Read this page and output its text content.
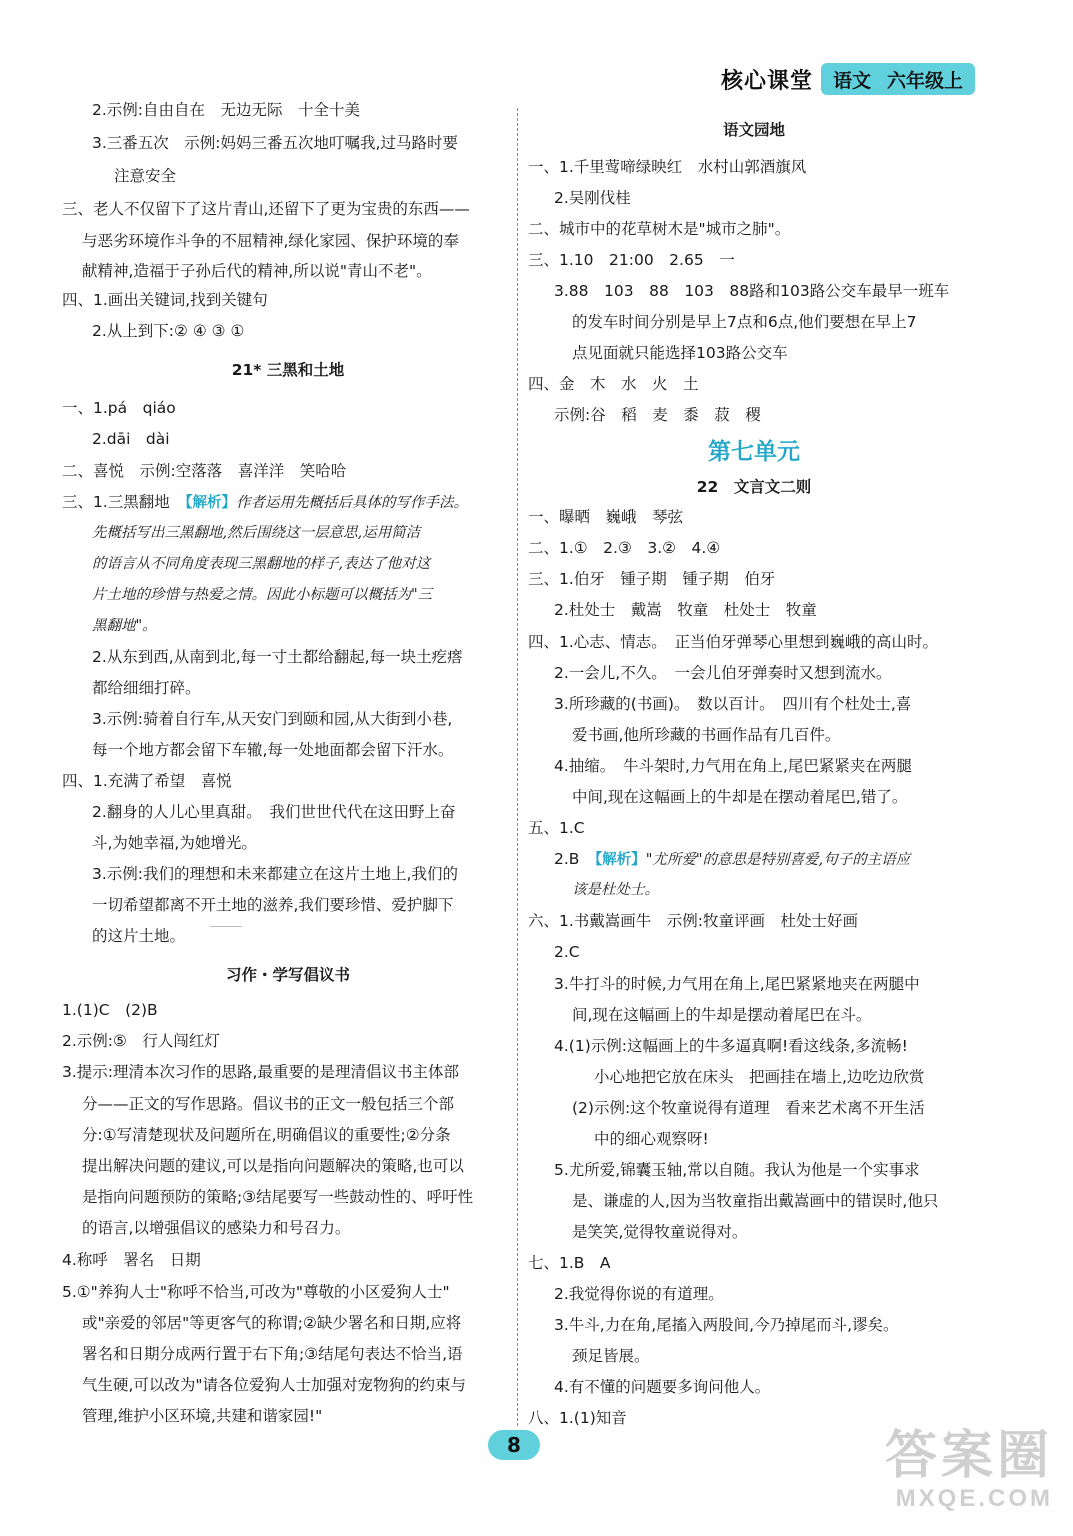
核心课堂 语文 六年级上
2.示例:自由自在　无边无际　十全十美
3.三番五次　示例:妈妈三番五次地叮嘱我,过马路时要
注意安全
三、老人不仅留下了这片青山,还留下了更为宝贵的东西——
与恶劣环境作斗争的不屈精神,绿化家园、保护环境的奉
献精神,造福于子孙后代的精神,所以说"青山不老"。
四、1.画出关键词,找到关键句
2.从上到下:② ④ ③ ①
21* 三黑和土地
一、1.pá　qiáo
2.dāi　dài
二、喜悦　示例:空落落　喜洋洋　笑哈哈
三、1.三黑翻地　【解析】作者运用先概括后具体的写作手法。
先概括写出三黑翻地,然后围绕这一层意思,运用简洁
的语言从不同角度表现三黑翻地的样子,表达了他对这
片土地的珍惜与热爱之情。因此小标题可以概括为"三
黑翻地"。
2.从东到西,从南到北,每一寸土都给翻起,每一块土疙瘩
都给细细打碎。
3.示例:骑着自行车,从天安门到颐和园,从大街到小巷,
每一个地方都会留下车辙,每一处地面都会留下汗水。
四、1.充满了希望　喜悦
2.翻身的人儿心里真甜。　我们世世代代在这田野上奋
斗,为她幸福,为她增光。
3.示例:我们的理想和未来都建立在这片土地上,我们的
一切希望都离不开土地的滋养,我们要珍惜、爱护脚下
的这片土地。
习作・学写倡议书
1.(1)C　(2)B
2.示例:⑤　行人闯红灯
3.提示:理清本次习作的思路,最重要的是理清倡议书主体部
分——正文的写作思路。倡议书的正文一般包括三个部
分:①写清楚现状及问题所在,明确倡议的重要性;②分条
提出解决问题的建议,可以是指向问题解决的策略,也可以
是指向问题预防的策略;③结尾要写一些鼓动性的、呼吁性
的语言,以增强倡议的感染力和号召力。
4.称呼　署名　日期
5.①"养狗人士"称呼不恰当,可改为"尊敬的小区爱狗人士"
或"亲爱的邻居"等更客气的称谓;②缺少署名和日期,应将
署名和日期分成两行置于右下角;③结尾句表达不恰当,语
气生硬,可以改为"请各位爱狗人士加强对宠物狗的约束与
管理,维护小区环境,共建和谐家园!"
语文园地
一、1.千里莺啼绿映红　水村山郭酒旗风
2.吴刚伐桂
二、城市中的花草树木是"城市之肺"。
三、1.10　21:00　2.65　一
3.88　103　88　103　88路和103路公交车最早一班车
的发车时间分别是早上7点和6点,他们要想在早上7
点见面就只能选择103路公交车
四、金　木　水　火　土
示例:谷　稻　麦　黍　菽　稷
第七单元
22　文言文二则
一、曝晒　巍峨　琴弦
二、1.①　2.③　3.②　4.④
三、1.伯牙　锺子期　锺子期　伯牙
2.杜处士　戴嵩　牧童　杜处士　牧童
四、1.心志、情志。　正当伯牙弹琴心里想到巍峨的高山时。
2.一会儿,不久。　一会儿伯牙弹奏时又想到流水。
3.所珍藏的(书画)。　数以百计。　四川有个杜处士,喜
爱书画,他所珍藏的书画作品有几百件。
4.抽缩。　牛斗架时,力气用在角上,尾巴紧紧夹在两腿
中间,现在这幅画上的牛却是在摆动着尾巴,错了。
五、1.C
2.B　【解析】"尤所爱"的意思是特别喜爱,句子的主语应
该是杜处士。
六、1.书戴嵩画牛　示例:牧童评画　杜处士好画
2.C
3.牛打斗的时候,力气用在角上,尾巴紧紧地夹在两腿中
间,现在这幅画上的牛却是摆动着尾巴在斗。
4.(1)示例:这幅画上的牛多逼真啊!看这线条,多流畅!
小心地把它放在床头　把画挂在墙上,边吃边欣赏
(2)示例:这个牧童说得有道理　看来艺术离不开生活
中的细心观察呀!
5.尤所爱,锦囊玉轴,常以自随。我认为他是一个实事求
是、谦虚的人,因为当牧童指出戴嵩画中的错误时,他只
是笑笑,觉得牧童说得对。
七、1.B　A
2.我觉得你说的有道理。
3.牛斗,力在角,尾搐入两股间,今乃掉尾而斗,谬矣。
颈足皆展。
4.有不懂的问题要多询问他人。
八、1.(1)知音
8	答案圈
MXQE.COM
